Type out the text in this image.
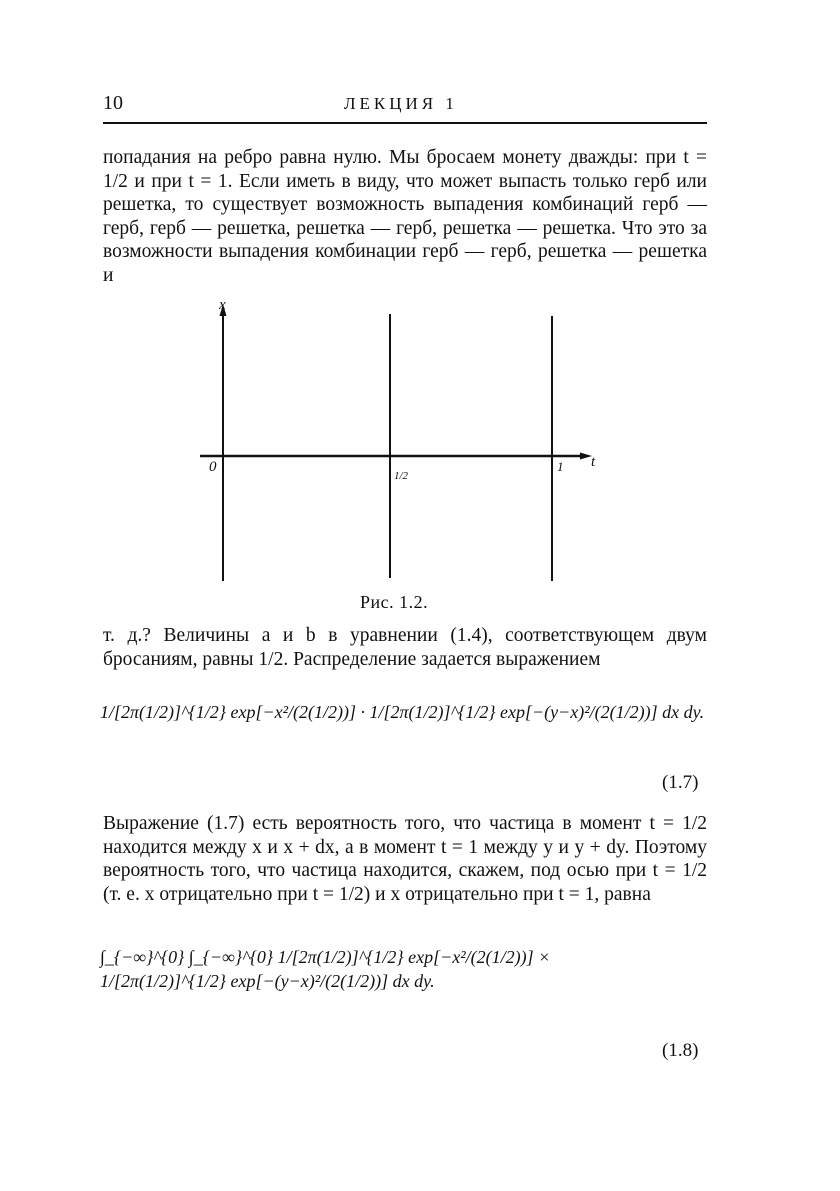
10	ЛЕКЦИЯ 1

попадания на ребро равна нулю. Мы бросаем монету дважды: при t = 1/2 и при t = 1. Если иметь в виду, что может выпасть только герб или решетка, то существует возможность выпадения комбинаций герб — герб, герб — решетка, решетка — герб, решетка — решетка. Что это за возможности выпадения комбинации герб — герб, решетка — решетка и

x
t
0
1/2
1
Рис. 1.2.

т. д.? Величины a и b в уравнении (1.4), соответствующем двум бросаниям, равны 1/2. Распределение задается выражением

1/[2π(1/2)]^{1/2} exp[−x²/(2(1/2))] · 1/[2π(1/2)]^{1/2} exp[−(y−x)²/(2(1/2))] dx dy.
(1.7)

Выражение (1.7) есть вероятность того, что частица в момент t = 1/2 находится между x и x + dx, а в момент t = 1 между y и y + dy. Поэтому вероятность того, что частица находится, скажем, под осью при t = 1/2 (т. е. x отрицательно при t = 1/2) и x отрицательно при t = 1, равна

∫_{−∞}^{0} ∫_{−∞}^{0} 1/[2π(1/2)]^{1/2} exp[−x²/(2(1/2))] × 1/[2π(1/2)]^{1/2} exp[−(y−x)²/(2(1/2))] dx dy.
(1.8)
